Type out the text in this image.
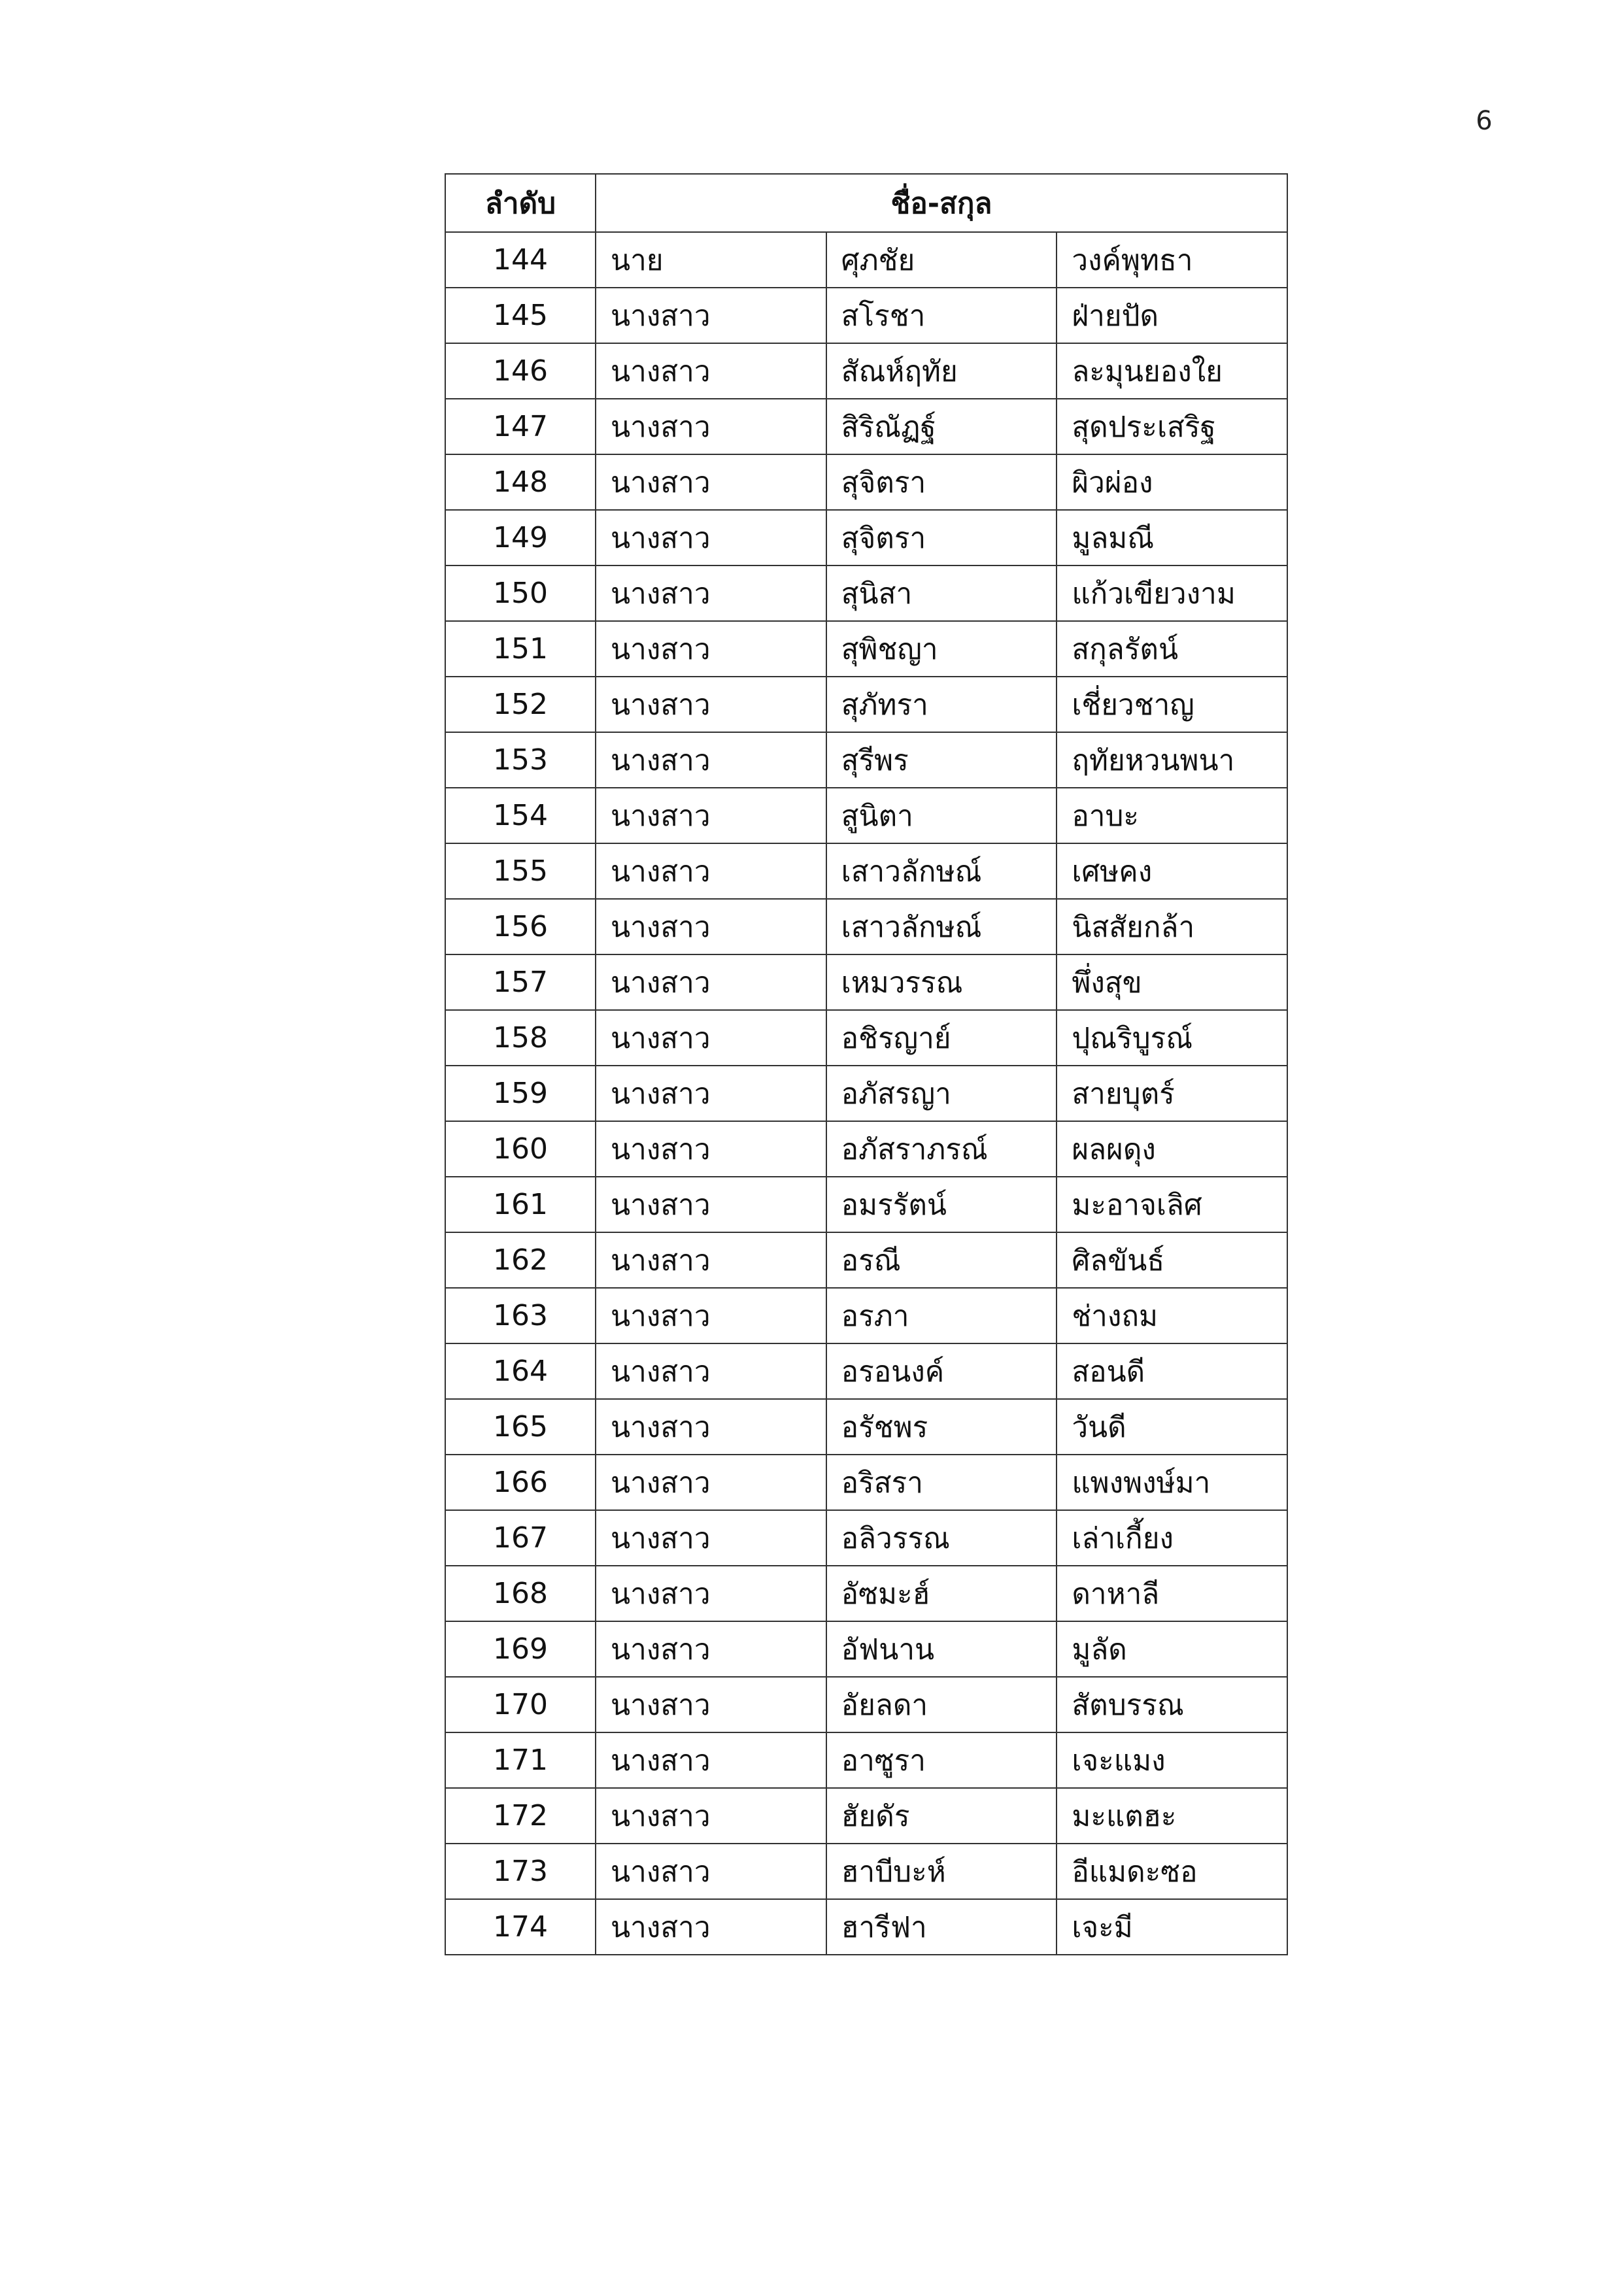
6
ลำดับ	ชื่อ-สกุล		
144	นาย	ศุภชัย	วงค์พุทธา
145	นางสาว	สโรชา	ฝ่ายปัด
146	นางสาว	สัณห์ฤทัย	ละมุนยองใย
147	นางสาว	สิริณัฏฐ์	สุดประเสริฐ
148	นางสาว	สุจิตรา	ผิวผ่อง
149	นางสาว	สุจิตรา	มูลมณี
150	นางสาว	สุนิสา	แก้วเขียวงาม
151	นางสาว	สุพิชญา	สกุลรัตน์
152	นางสาว	สุภัทรา	เชี่ยวชาญ
153	นางสาว	สุรีพร	ฤทัยหวนพนา
154	นางสาว	สูนิตา	อาบะ
155	นางสาว	เสาวลักษณ์	เศษคง
156	นางสาว	เสาวลักษณ์	นิสสัยกล้า
157	นางสาว	เหมวรรณ	พึ่งสุข
158	นางสาว	อชิรญาย์	ปุณริบูรณ์
159	นางสาว	อภัสรญา	สายบุตร์
160	นางสาว	อภัสราภรณ์	ผลผดุง
161	นางสาว	อมรรัตน์	มะอาจเลิศ
162	นางสาว	อรณี	ศิลขันธ์
163	นางสาว	อรภา	ช่างถม
164	นางสาว	อรอนงค์	สอนดี
165	นางสาว	อรัชพร	วันดี
166	นางสาว	อริสรา	แพงพงษ์มา
167	นางสาว	อลิวรรณ	เล่าเกี้ยง
168	นางสาว	อัซมะฮ์	ดาหาลี
169	นางสาว	อัฟนาน	มูลัด
170	นางสาว	อัยลดา	สัตบรรณ
171	นางสาว	อาซูรา	เจะแมง
172	นางสาว	ฮัยดัร	มะแตฮะ
173	นางสาว	ฮาบีบะห์	อีแมดะซอ
174	นางสาว	ฮารีฟา	เจะมี
